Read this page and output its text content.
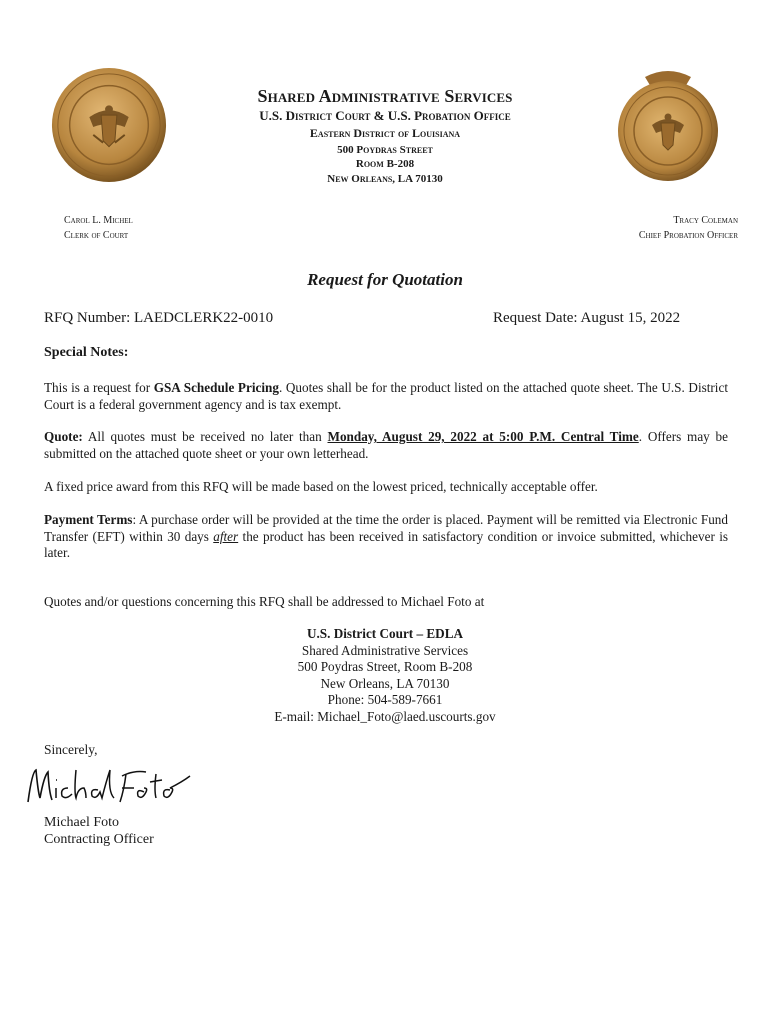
Shared Administrative Services
U.S. District Court & U.S. Probation Office
Eastern District of Louisiana
500 Poydras Street
Room B-208
New Orleans, LA 70130
Carol L. Michel
Clerk of Court
Tracy Coleman
Chief Probation Officer
Request for Quotation
RFQ Number: LAEDCLERK22-0010	Request Date: August 15, 2022
Special Notes:
This is a request for GSA Schedule Pricing. Quotes shall be for the product listed on the attached quote sheet. The U.S. District Court is a federal government agency and is tax exempt.
Quote: All quotes must be received no later than Monday, August 29, 2022 at 5:00 P.M. Central Time. Offers may be submitted on the attached quote sheet or your own letterhead.
A fixed price award from this RFQ will be made based on the lowest priced, technically acceptable offer.
Payment Terms: A purchase order will be provided at the time the order is placed. Payment will be remitted via Electronic Fund Transfer (EFT) within 30 days after the product has been received in satisfactory condition or invoice submitted, whichever is later.
Quotes and/or questions concerning this RFQ shall be addressed to Michael Foto at
U.S. District Court – EDLA
Shared Administrative Services
500 Poydras Street, Room B-208
New Orleans, LA 70130
Phone: 504-589-7661
E-mail: Michael_Foto@laed.uscourts.gov
Sincerely,
Michael Foto
Contracting Officer
